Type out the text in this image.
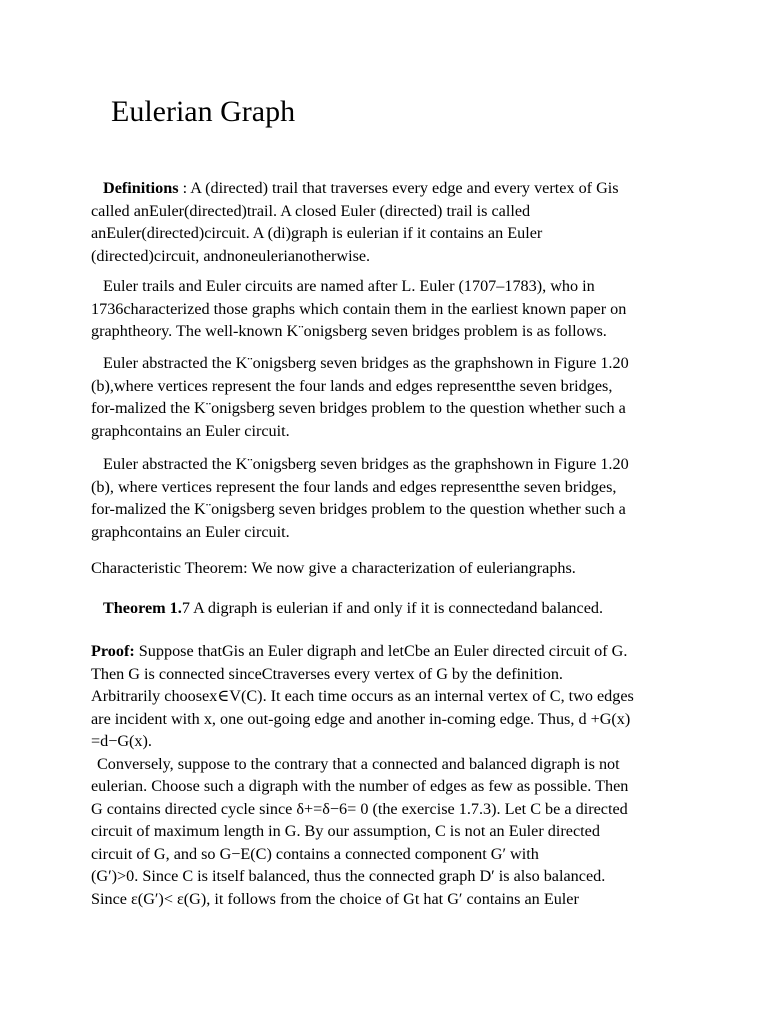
Eulerian Graph

Definitions : A (directed) trail that traverses every edge and every vertex of Gis
called anEuler(directed)trail. A closed Euler (directed) trail is called
anEuler(directed)circuit. A (di)graph is eulerian if it contains an Euler
(directed)circuit, andnoneulerianotherwise.

Euler trails and Euler circuits are named after L. Euler (1707–1783), who in
1736characterized those graphs which contain them in the earliest known paper on
graphtheory. The well-known K¨onigsberg seven bridges problem is as follows.

Euler abstracted the K¨onigsberg seven bridges as the graphshown in Figure 1.20
(b),where vertices represent the four lands and edges representthe seven bridges,
for-malized the K¨onigsberg seven bridges problem to the question whether such a
graphcontains an Euler circuit.

Euler abstracted the K¨onigsberg seven bridges as the graphshown in Figure 1.20
(b), where vertices represent the four lands and edges representthe seven bridges,
for-malized the K¨onigsberg seven bridges problem to the question whether such a
graphcontains an Euler circuit.

Characteristic Theorem: We now give a characterization of euleriangraphs.

Theorem 1.7 A digraph is eulerian if and only if it is connectedand balanced.

Proof: Suppose thatGis an Euler digraph and letCbe an Euler directed circuit of G.
Then G is connected sinceCtraverses every vertex of G by the definition.
Arbitrarily choosex∈V(C). It each time occurs as an internal vertex of C, two edges
are incident with x, one out-going edge and another in-coming edge. Thus, d +G(x)
=d−G(x).
Conversely, suppose to the contrary that a connected and balanced digraph is not
eulerian. Choose such a digraph with the number of edges as few as possible. Then
G contains directed cycle since δ+=δ−6= 0 (the exercise 1.7.3). Let C be a directed
circuit of maximum length in G. By our assumption, C is not an Euler directed
circuit of G, and so G−E(C) contains a connected component G′ with
(G′)>0. Since C is itself balanced, thus the connected graph D′ is also balanced.
Since ε(G′)< ε(G), it follows from the choice of Gt hat G′ contains an Euler
